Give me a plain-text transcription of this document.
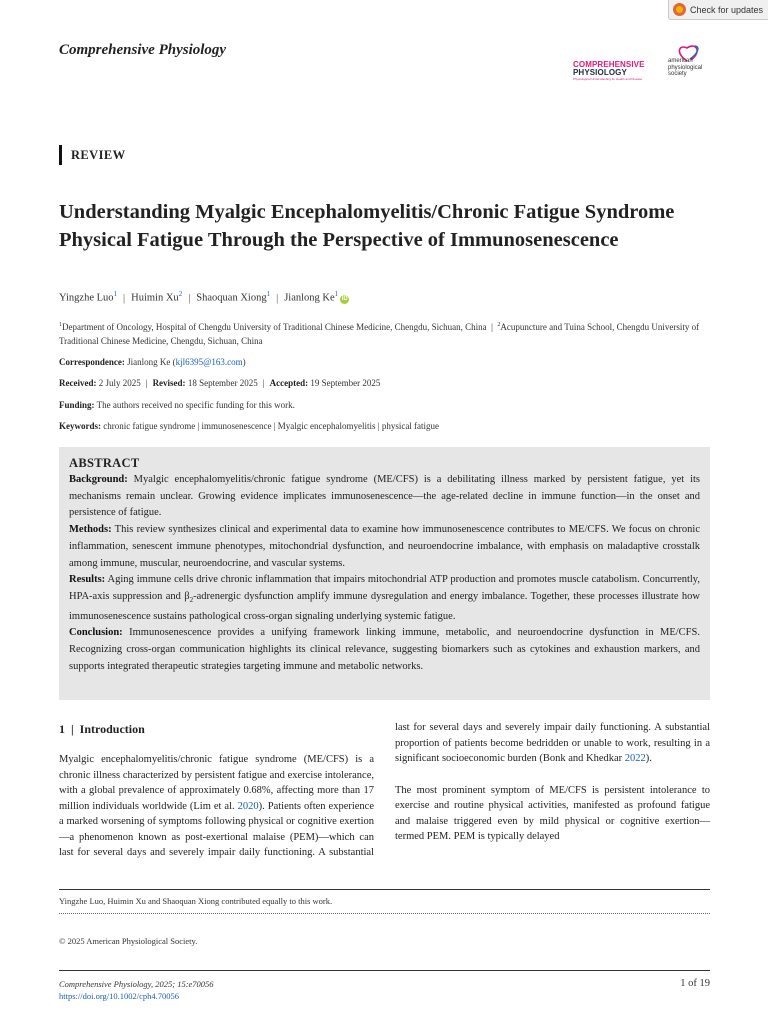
Check for updates
Comprehensive Physiology
COMPREHENSIVE
PHYSIOLOGY
Physiological Understanding for Health and Disease
american
physiological
society
REVIEW
Understanding Myalgic Encephalomyelitis/Chronic Fatigue Syndrome Physical Fatigue Through the Perspective of Immunosenescence
Yingzhe Luo$^1$ | Huimin Xu$^2$ | Shaoquan Xiong$^1$ | Jianlong Ke$^1$iD
$^1$Department of Oncology, Hospital of Chengdu University of Traditional Chinese Medicine, Chengdu, Sichuan, China  |  $^2$Acupuncture and Tuina School, Chengdu University of Traditional Chinese Medicine, Chengdu, Sichuan, China
Correspondence: Jianlong Ke (kjl6395@163.com)
Received: 2 July 2025 | Revised: 18 September 2025 | Accepted: 19 September 2025
Funding: The authors received no specific funding for this work.
Keywords: chronic fatigue syndrome | immunosenescence | Myalgic encephalomyelitis | physical fatigue
ABSTRACT

Background: Myalgic encephalomyelitis/chronic fatigue syndrome (ME/CFS) is a debilitating illness marked by persistent fatigue, yet its mechanisms remain unclear. Growing evidence implicates immunosenescence—the age-related decline in immune function—in the onset and persistence of fatigue.

Methods: This review synthesizes clinical and experimental data to examine how immunosenescence contributes to ME/CFS. We focus on chronic inflammation, senescent immune phenotypes, mitochondrial dysfunction, and neuroendocrine imbalance, with emphasis on maladaptive crosstalk among immune, muscular, neuroendocrine, and vascular systems.

Results: Aging immune cells drive chronic inflammation that impairs mitochondrial ATP production and promotes muscle catabolism. Concurrently, HPA-axis suppression and $\beta_2$-adrenergic dysfunction amplify immune dysregulation and energy imbalance. Together, these processes illustrate how immunosenescence sustains pathological cross-organ signaling underlying systemic fatigue.

Conclusion: Immunosenescence provides a unifying framework linking immune, metabolic, and neuroendocrine dysfunction in ME/CFS. Recognizing cross-organ communication highlights its clinical relevance, suggesting biomarkers such as cytokines and exhaustion markers, and supports integrated therapeutic strategies targeting immune and metabolic networks.

1 | Introduction

Myalgic encephalomyelitis/chronic fatigue syndrome (ME/CFS) is a chronic illness characterized by persistent fatigue and exercise intolerance, with a global prevalence of approximately 0.68%, affecting more than 17 million individuals worldwide (Lim et al. 2020). Patients often experience a marked worsening of symptoms following physical or cognitive exertion—a phenomenon known as post-exertional malaise (PEM)—which can last for several days and severely impair daily functioning. A substantial

last for several days and severely impair daily functioning. A substantial proportion of patients become bedridden or unable to work, resulting in a significant socioeconomic burden (Bonk and Khedkar 2022).

The most prominent symptom of ME/CFS is persistent intolerance to exercise and routine physical activities, manifested as profound fatigue and malaise triggered even by mild physical or cognitive exertion—termed PEM. PEM is typically delayed

Yingzhe Luo, Huimin Xu and Shaoquan Xiong contributed equally to this work.
© 2025 American Physiological Society.
Comprehensive Physiology, 2025; 15:e70056
https://doi.org/10.1002/cph4.70056
1 of 19
